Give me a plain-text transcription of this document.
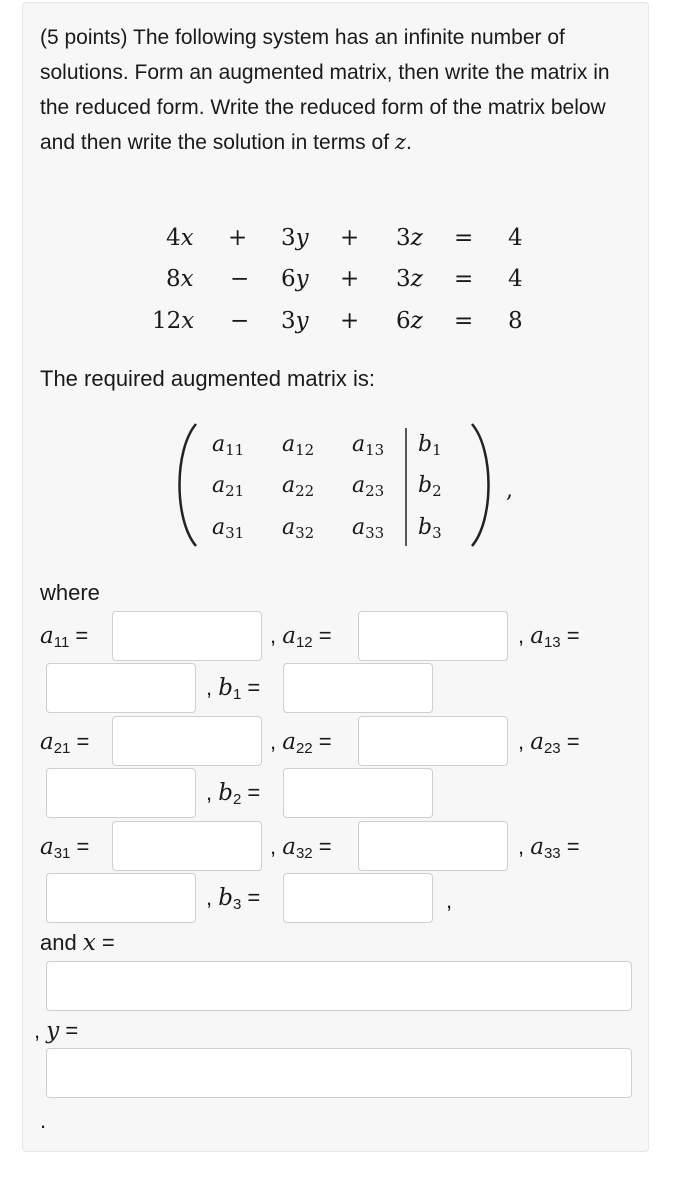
(5 points) The following system has an infinite number of solutions. Form an augmented matrix, then write the matrix in the reduced form. Write the reduced form of the matrix below and then write the solution in terms of z.
4x + 3y + 3z = 4
8x − 6y + 3z = 4
12x − 3y + 6z = 8
The required augmented matrix is:
$a_{11}$ $a_{12}$ $a_{13}$ $b_1$
$a_{21}$ $a_{22}$ $a_{23}$ $b_2$
$a_{31}$ $a_{32}$ $a_{33}$ $b_3$
,
where
$a_{11}$ =	, $a_{12}$ =	, $a_{13}$ =
, $b_1$ =
$a_{21}$ =	, $a_{22}$ =	, $a_{23}$ =
, $b_2$ =
$a_{31}$ =	, $a_{32}$ =	, $a_{33}$ =
, $b_3$ =	,
and x =
, y =
.
